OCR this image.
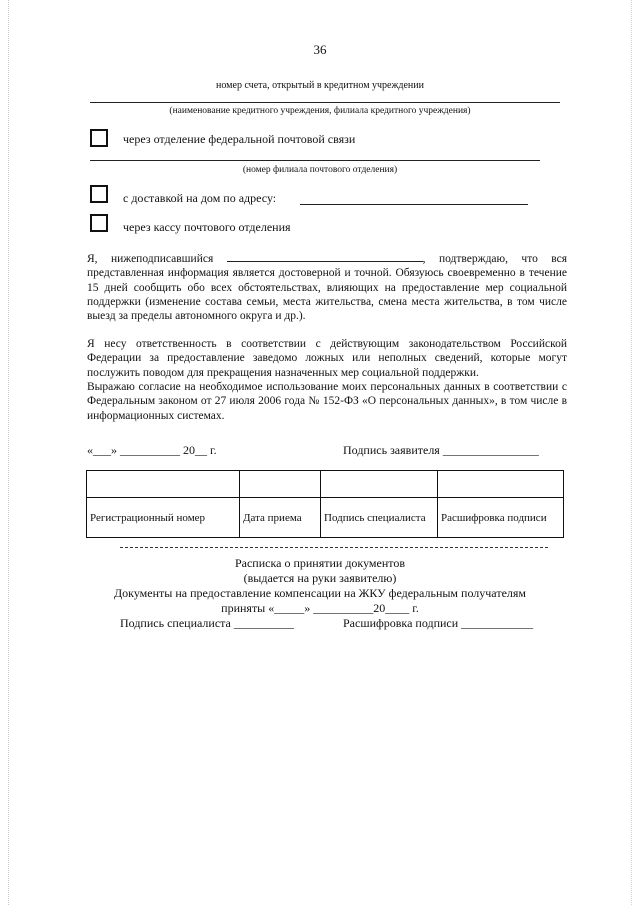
36
номер счета, открытый в кредитном учреждении
(наименование кредитного учреждения, филиала кредитного учреждения)
через отделение федеральной почтовой связи
(номер филиала почтового отделения)
с доставкой на дом по адресу:
через кассу почтового отделения
Я, нижеподписавшийся	, подтверждаю, что вся представленная информация является достоверной и точной. Обязуюсь своевременно в течение 15 дней сообщить обо всех обстоятельствах, влияющих на предоставление мер социальной поддержки (изменение состава семьи, места жительства, смена места жительства, в том числе выезд за пределы автономного округа и др.).
Я несу ответственность в соответствии с действующим законодательством Российской Федерации за предоставление заведомо ложных или неполных сведений, которые могут послужить поводом для прекращения назначенных мер социальной поддержки.
Выражаю согласие на необходимое использование моих персональных данных в соответствии с Федеральным законом от 27 июля 2006 года № 152-ФЗ «О персональных данных», в том числе в информационных системах.
«___» __________ 20__ г.	Подпись заявителя ________________

Регистрационный номер	Дата приема	Подпись специалиста	Расшифровка подписи
Расписка о принятии документов
(выдается на руки заявителю)
Документы на предоставление компенсации на ЖКУ федеральным получателям
приняты «_____» __________20____ г.
Подпись специалиста __________	Расшифровка подписи ____________
